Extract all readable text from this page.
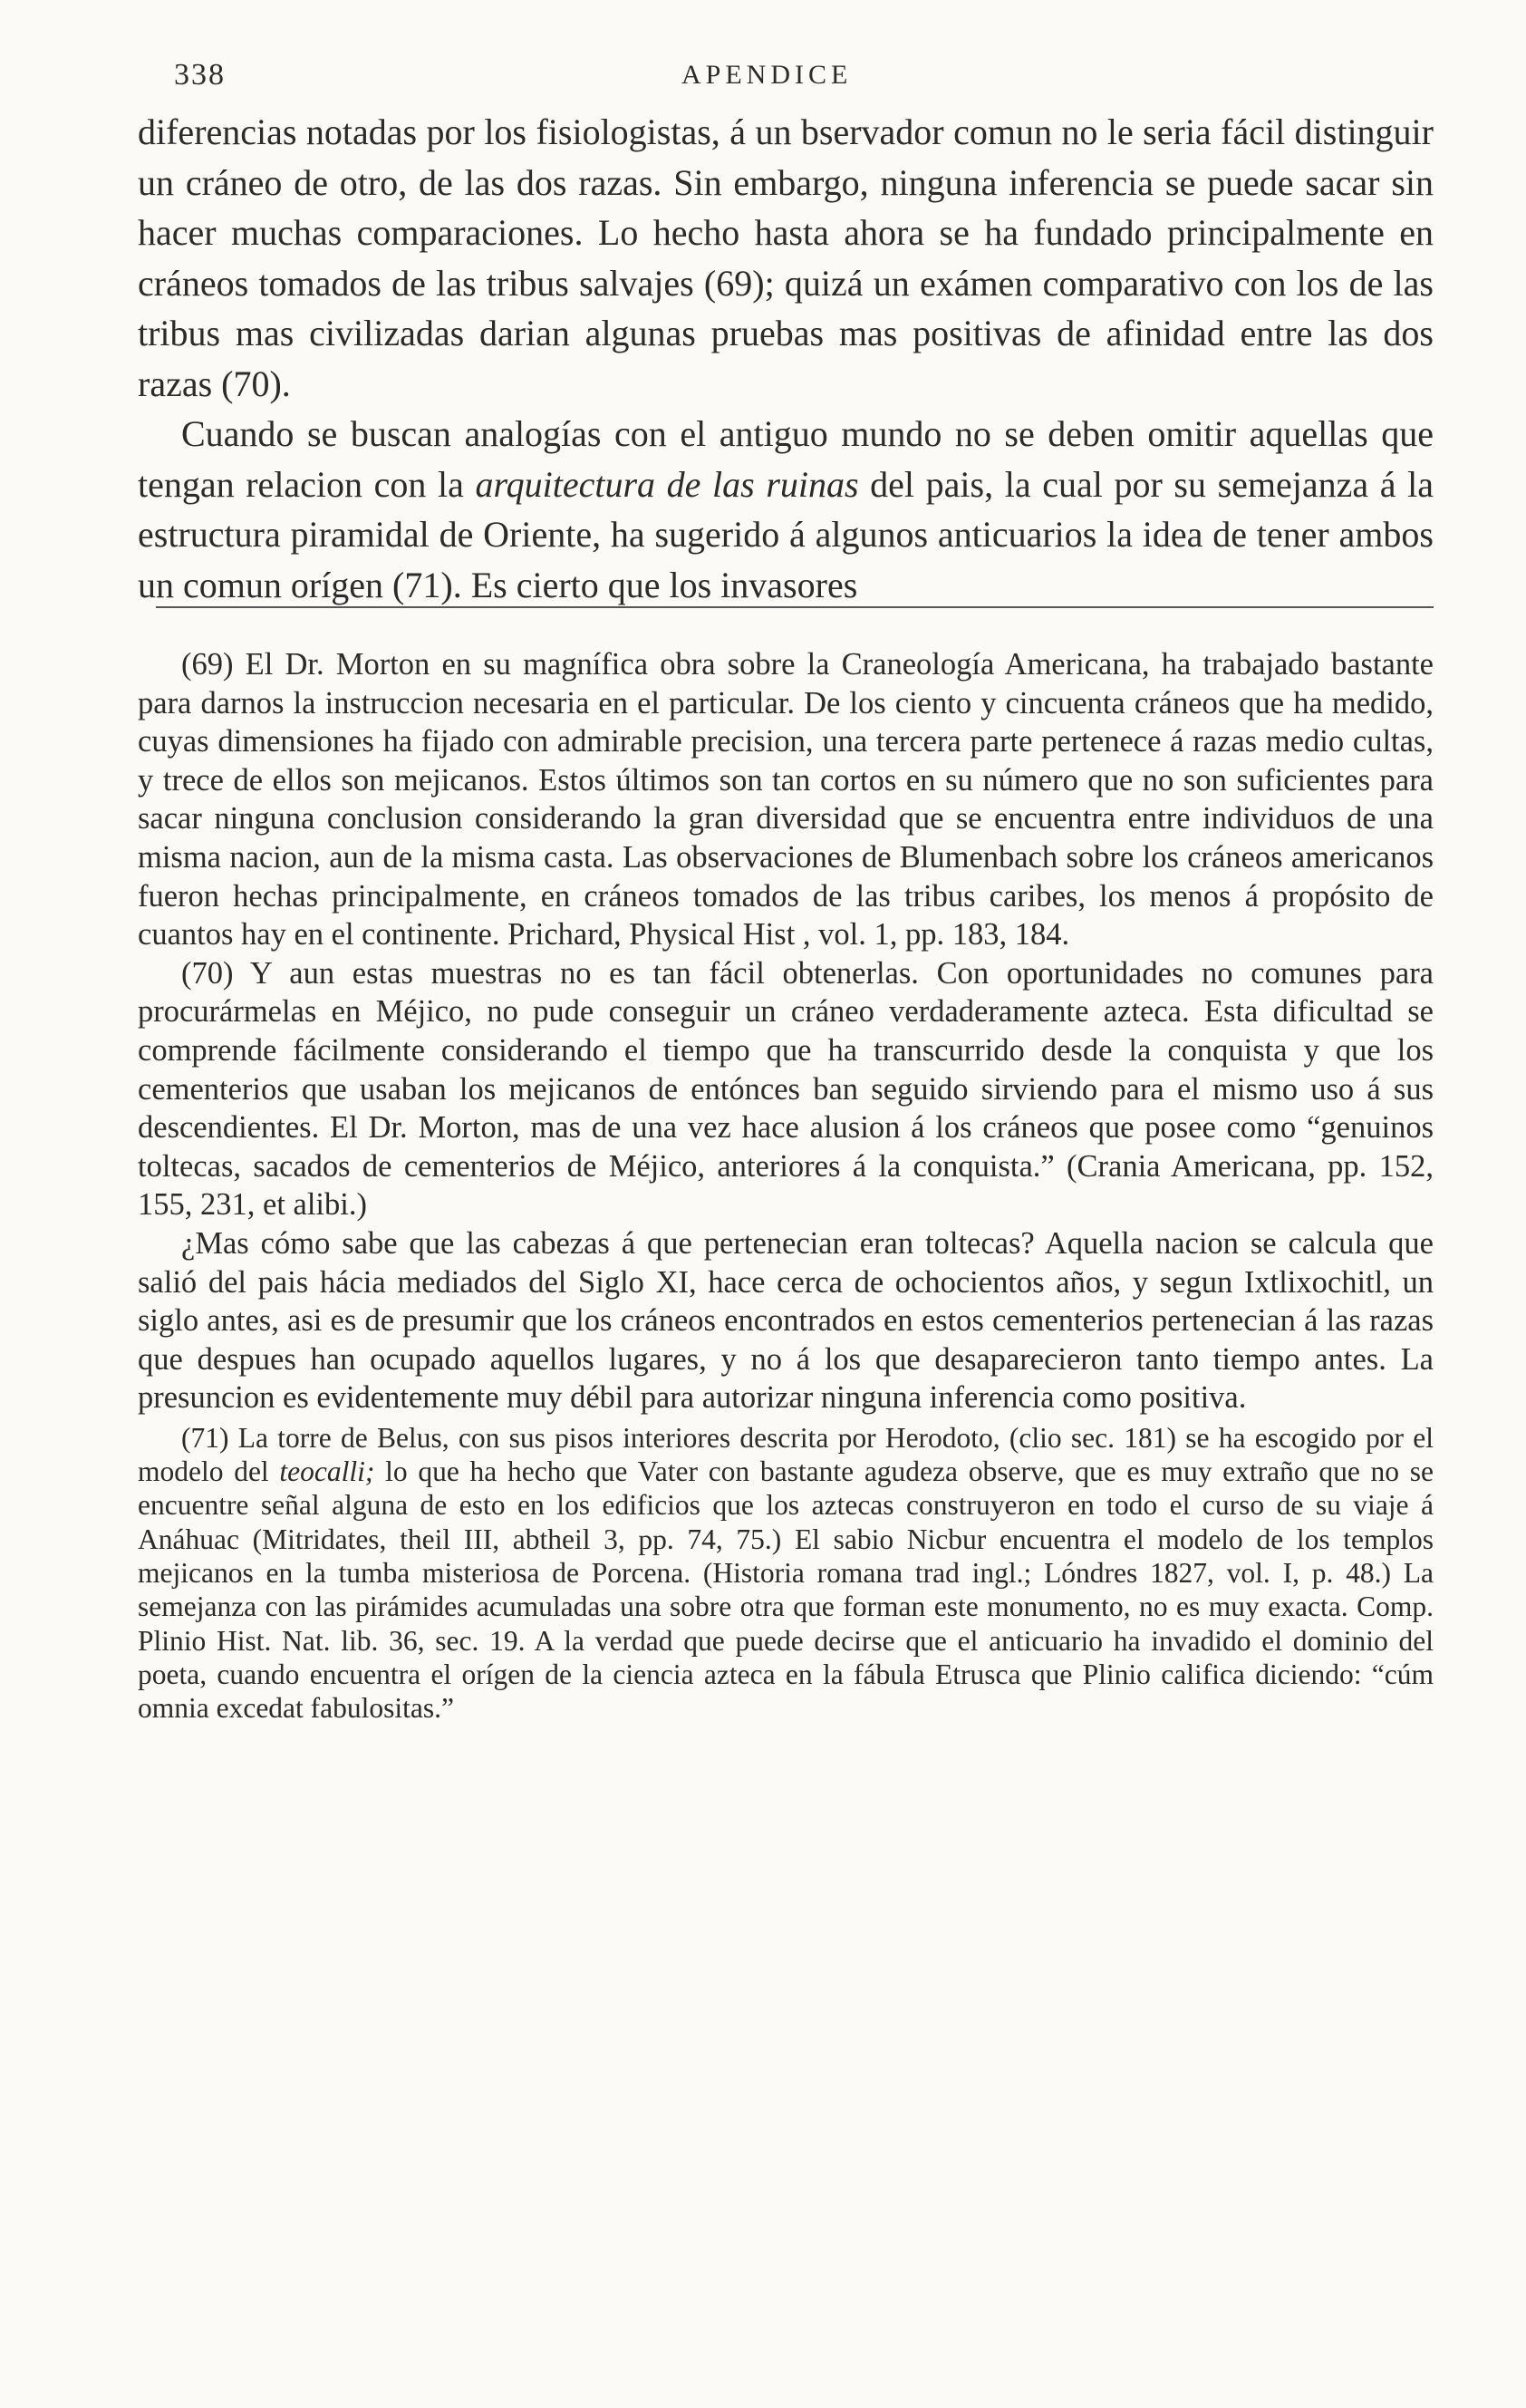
338	APENDICE

diferencias notadas por los fisiologistas, á un bservador comun no le seria fácil distinguir un cráneo de otro, de las dos razas. Sin embargo, ninguna inferencia se puede sacar sin hacer muchas comparaciones. Lo hecho hasta ahora se ha fundado principalmente en cráneos tomados de las tribus salvajes (69); quizá un exámen comparativo con los de las tribus mas civilizadas darian algunas pruebas mas positivas de afinidad entre las dos razas (70).

Cuando se buscan analogías con el antiguo mundo no se deben omitir aquellas que tengan relacion con la arquitectura de las ruinas del pais, la cual por su semejanza á la estructura piramidal de Oriente, ha sugerido á algunos anticuarios la idea de tener ambos un comun orígen (71). Es cierto que los invasores

(69) El Dr. Morton en su magnífica obra sobre la Craneología Americana, ha trabajado bastante para darnos la instruccion necesaria en el particular. De los ciento y cincuenta cráneos que ha medido, cuyas dimensiones ha fijado con admirable precision, una tercera parte pertenece á razas medio cultas, y trece de ellos son mejicanos. Estos últimos son tan cortos en su número que no son suficientes para sacar ninguna conclusion considerando la gran diversidad que se encuentra entre individuos de una misma nacion, aun de la misma casta. Las observaciones de Blumenbach sobre los cráneos americanos fueron hechas principalmente, en cráneos tomados de las tribus caribes, los menos á propósito de cuantos hay en el continente. Prichard, Physical Hist , vol. 1, pp. 183, 184.

(70) Y aun estas muestras no es tan fácil obtenerlas. Con oportunidades no comunes para procurármelas en Méjico, no pude conseguir un cráneo verdaderamente azteca. Esta dificultad se comprende fácilmente considerando el tiempo que ha transcurrido desde la conquista y que los cementerios que usaban los mejicanos de entónces ban seguido sirviendo para el mismo uso á sus descendientes. El Dr. Morton, mas de una vez hace alusion á los cráneos que posee como “genuinos toltecas, sacados de cementerios de Méjico, anteriores á la conquista.” (Crania Americana, pp. 152, 155, 231, et alibi.)

¿Mas cómo sabe que las cabezas á que pertenecian eran toltecas? Aquella nacion se calcula que salió del pais hácia mediados del Siglo XI, hace cerca de ochocientos años, y segun Ixtlixochitl, un siglo antes, asi es de presumir que los cráneos encontrados en estos cementerios pertenecian á las razas que despues han ocupado aquellos lugares, y no á los que desaparecieron tanto tiempo antes. La presuncion es evidentemente muy débil para autorizar ninguna inferencia como positiva.

(71) La torre de Belus, con sus pisos interiores descrita por Herodoto, (clio sec. 181) se ha escogido por el modelo del teocalli; lo que ha hecho que Vater con bastante agudeza observe, que es muy extraño que no se encuentre señal alguna de esto en los edificios que los aztecas construyeron en todo el curso de su viaje á Anáhuac (Mitridates, theil III, abtheil 3, pp. 74, 75.) El sabio Nicbur encuentra el modelo de los templos mejicanos en la tumba misteriosa de Porcena. (Historia romana trad ingl.; Lóndres 1827, vol. I, p. 48.) La semejanza con las pirámides acumuladas una sobre otra que forman este monumento, no es muy exacta. Comp. Plinio Hist. Nat. lib. 36, sec. 19. A la verdad que puede decirse que el anticuario ha invadido el dominio del poeta, cuando encuentra el orígen de la ciencia azteca en la fábula Etrusca que Plinio califica diciendo: “cúm omnia excedat fabulositas.”
